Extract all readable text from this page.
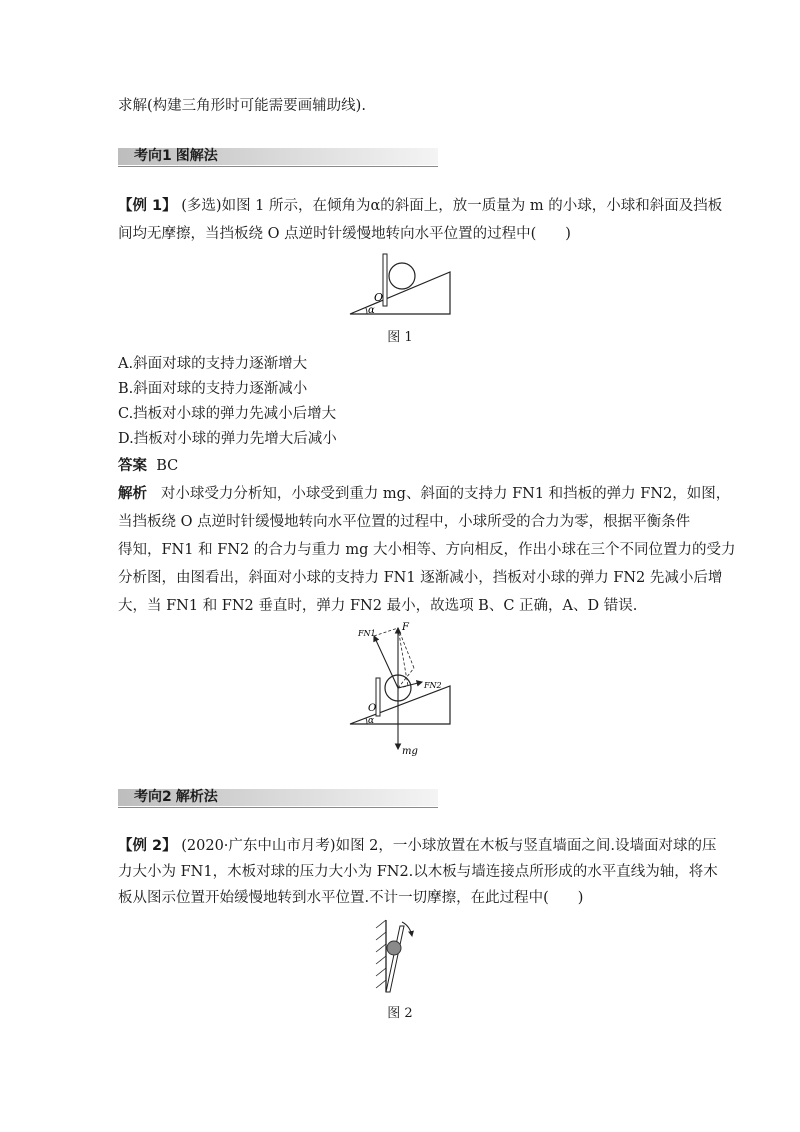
求解(构建三角形时可能需要画辅助线).
考向1 图解法
【例 1】 (多选)如图 1 所示，在倾角为α的斜面上，放一质量为 m 的小球，小球和斜面及挡板
间均无摩擦，当挡板绕 O 点逆时针缓慢地转向水平位置的过程中(　　)
O
α
图 1
A.斜面对球的支持力逐渐增大
B.斜面对球的支持力逐渐减小
C.挡板对小球的弹力先减小后增大
D.挡板对小球的弹力先增大后减小
答案 BC
解析 对小球受力分析知，小球受到重力 mg、斜面的支持力 FN1 和挡板的弹力 FN2，如图，
当挡板绕 O 点逆时针缓慢地转向水平位置的过程中，小球所受的合力为零，根据平衡条件
得知，FN1 和 FN2 的合力与重力 mg 大小相等、方向相反，作出小球在三个不同位置力的受力
分析图，由图看出，斜面对小球的支持力 FN1 逐渐减小，挡板对小球的弹力 FN2 先减小后增
大，当 FN1 和 FN2 垂直时，弹力 FN2 最小，故选项 B、C 正确，A、D 错误.
F
FN1
FN2
O
α
mg
考向2 解析法
【例 2】 (2020·广东中山市月考)如图 2，一小球放置在木板与竖直墙面之间.设墙面对球的压
力大小为 FN1，木板对球的压力大小为 FN2.以木板与墙连接点所形成的水平直线为轴，将木
板从图示位置开始缓慢地转到水平位置.不计一切摩擦，在此过程中(　　)
图 2
